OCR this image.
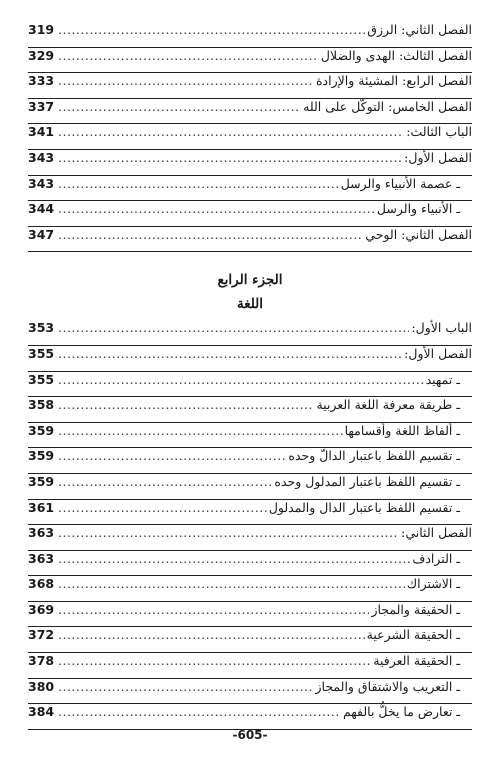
الفصل الثاني: الرزق
.....
319
الفصل الثالث: الهدى والضلال
.....
329
الفصل الرابع: المشيئة والإرادة
.....
333
الفصل الخامس: التوكّل على الله
.....
337
الباب الثالث:
.....
341
الفصل الأول:
.....
343
ـ عصمة الأنبياء والرسل
.....
343
ـ الأنبياء والرسل
.....
344
الفصل الثاني: الوحي
.....
347
الجزء الرابع
اللغة
الباب الأول:
.....
353
الفصل الأول:
.....
355
ـ تمهيد
.....
355
ـ طريقة معرفة اللغة العربية
.....
358
ـ ألفاظ اللغة وأقسامها
.....
359
ـ تقسيم اللفظ باعتبار الدالّ وحده
.....
359
ـ تقسيم اللفظ باعتبار المدلول وحده
.....
359
ـ تقسيم اللفظ باعتبار الدال والمدلول
.....
361
الفصل الثاني:
.....
363
ـ الترادف
.....
363
ـ الاشتراك
.....
368
ـ الحقيقة والمجاز
.....
369
ـ الحقيقة الشرعية
.....
372
ـ الحقيقة العرفية
.....
378
ـ التعريب والاشتقاق والمجاز
.....
380
ـ تعارض ما يخلُّ بالفهم
.....
384
-605-
